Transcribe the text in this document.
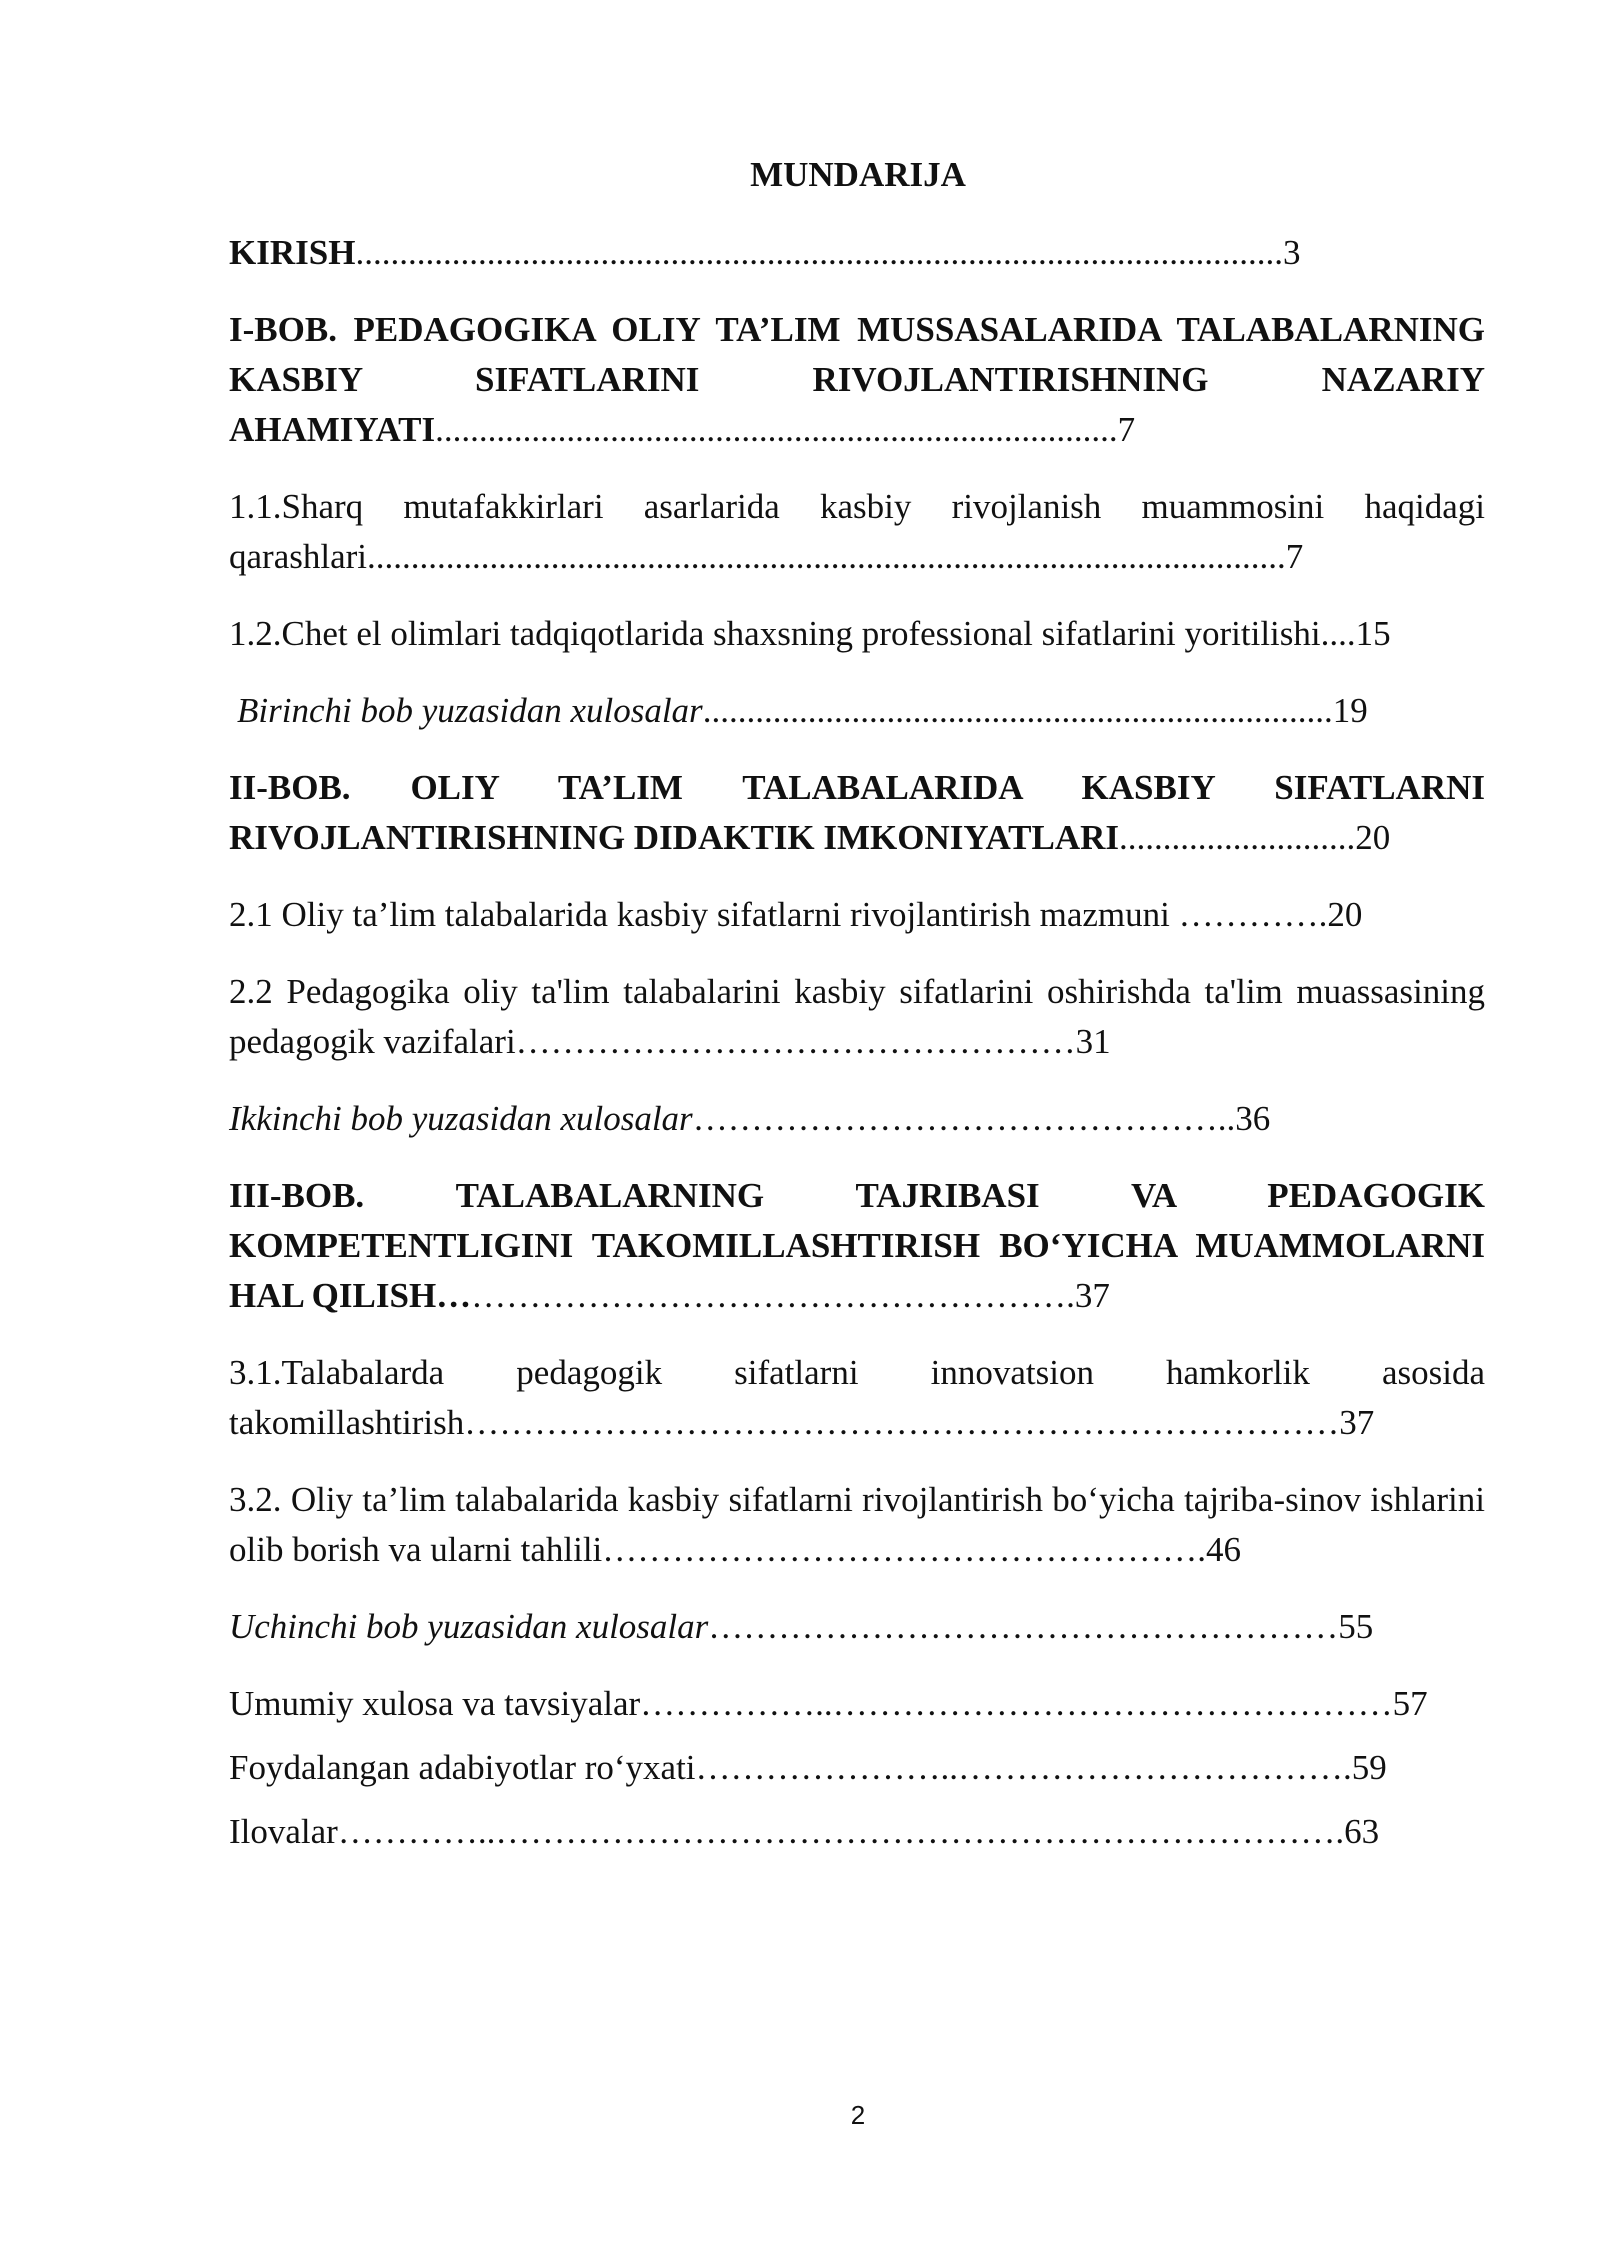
MUNDARIJA

KIRISH..........................................................................................................3

I-BOB. PEDAGOGIKA OLIY TA’LIM MUSSASALARIDA TALABALARNING KASBIY SIFATLARINI RIVOJLANTIRISHNING NAZARIY AHAMIYATI..............................................................................7

1.1.Sharq mutafakkirlari asarlarida kasbiy rivojlanish muammosini haqidagi qarashlari.........................................................................................................7

1.2.Chet el olimlari tadqiqotlarida shaxsning professional sifatlarini yoritilishi....15

Birinchi bob yuzasidan xulosalar........................................................................19

II-BOB. OLIY TA’LIM TALABALARIDA KASBIY SIFATLARNI RIVOJLANTIRISHNING DIDAKTIK IMKONIYATLARI...........................20

2.1 Oliy ta’lim talabalarida kasbiy sifatlarni rivojlantirish mazmuni ………….20

2.2 Pedagogika oliy ta'lim talabalarini kasbiy sifatlarini oshirishda ta'lim muassasining pedagogik vazifalari…………………………………………31

Ikkinchi bob yuzasidan xulosalar………………………………………..36

III-BOB. TALABALARNING TAJRIBASI VA PEDAGOGIK KOMPETENTLIGINI TAKOMILLASHTIRISH BO‘YICHA MUAMMOLARNI HAL QILISH……………………………………………….37

3.1.Talabalarda pedagogik sifatlarni innovatsion hamkorlik asosida takomillashtirish…………………………………………………………………37

3.2. Oliy ta’lim talabalarida kasbiy sifatlarni rivojlantirish bo‘yicha tajriba-sinov ishlarini olib borish va ularni tahlili…………………………………………….46

Uchinchi bob yuzasidan xulosalar………………………………………………55

Umumiy xulosa va tavsiyalar……………..…………………………………………57

Foydalangan adabiyotlar ro‘yxati…………………..…………………………….59

Ilovalar…………..……………………………………………………………….63

2
